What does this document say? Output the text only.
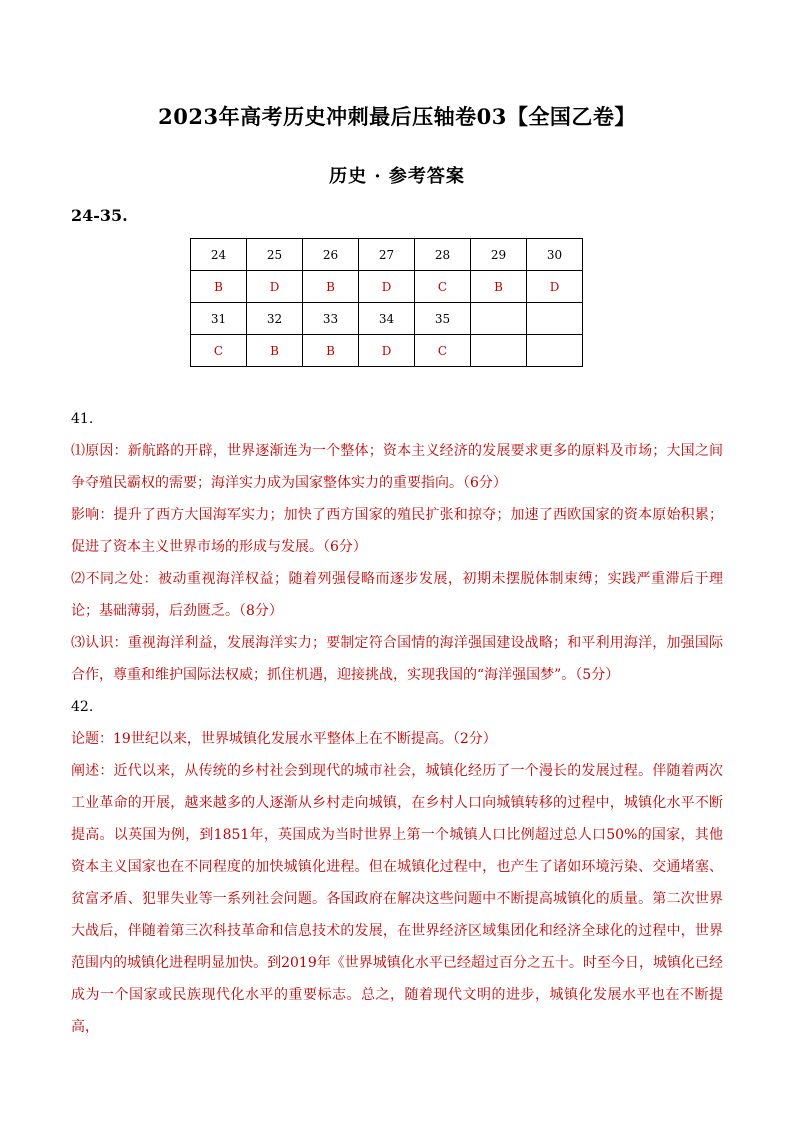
2023年高考历史冲刺最后压轴卷03【全国乙卷】
历史 · 参考答案
24-35.
24	25	26	27	28	29	30
B	D	B	D	C	B	D
31	32	33	34	35		
C	B	B	D	C		

41.

⑴原因：新航路的开辟，世界逐渐连为一个整体；资本主义经济的发展要求更多的原料及市场；大国之间争夺殖民霸权的需要；海洋实力成为国家整体实力的重要指向。（6分）

影响：提升了西方大国海军实力；加快了西方国家的殖民扩张和掠夺；加速了西欧国家的资本原始积累；促进了资本主义世界市场的形成与发展。（6分）

⑵不同之处：被动重视海洋权益；随着列强侵略而逐步发展，初期未摆脱体制束缚；实践严重滞后于理论；基础薄弱，后劲匮乏。（8分）

⑶认识：重视海洋利益，发展海洋实力；要制定符合国情的海洋强国建设战略；和平利用海洋，加强国际合作，尊重和维护国际法权威；抓住机遇，迎接挑战，实现我国的“海洋强国梦”。（5分）

42.

论题：19世纪以来，世界城镇化发展水平整体上在不断提高。（2分）

阐述：近代以来，从传统的乡村社会到现代的城市社会，城镇化经历了一个漫长的发展过程。伴随着两次工业革命的开展，越来越多的人逐渐从乡村走向城镇，在乡村人口向城镇转移的过程中，城镇化水平不断提高。以英国为例，到1851年，英国成为当时世界上第一个城镇人口比例超过总人口50%的国家，其他资本主义国家也在不同程度的加快城镇化进程。但在城镇化过程中，也产生了诸如环境污染、交通堵塞、贫富矛盾、犯罪失业等一系列社会问题。各国政府在解决这些问题中不断提高城镇化的质量。第二次世界大战后，伴随着第三次科技革命和信息技术的发展，在世界经济区域集团化和经济全球化的过程中，世界范围内的城镇化进程明显加快。到2019年《世界城镇化水平已经超过百分之五十。时至今日，城镇化已经成为一个国家或民族现代化水平的重要标志。总之，随着现代文明的进步，城镇化发展水平也在不断提高，
